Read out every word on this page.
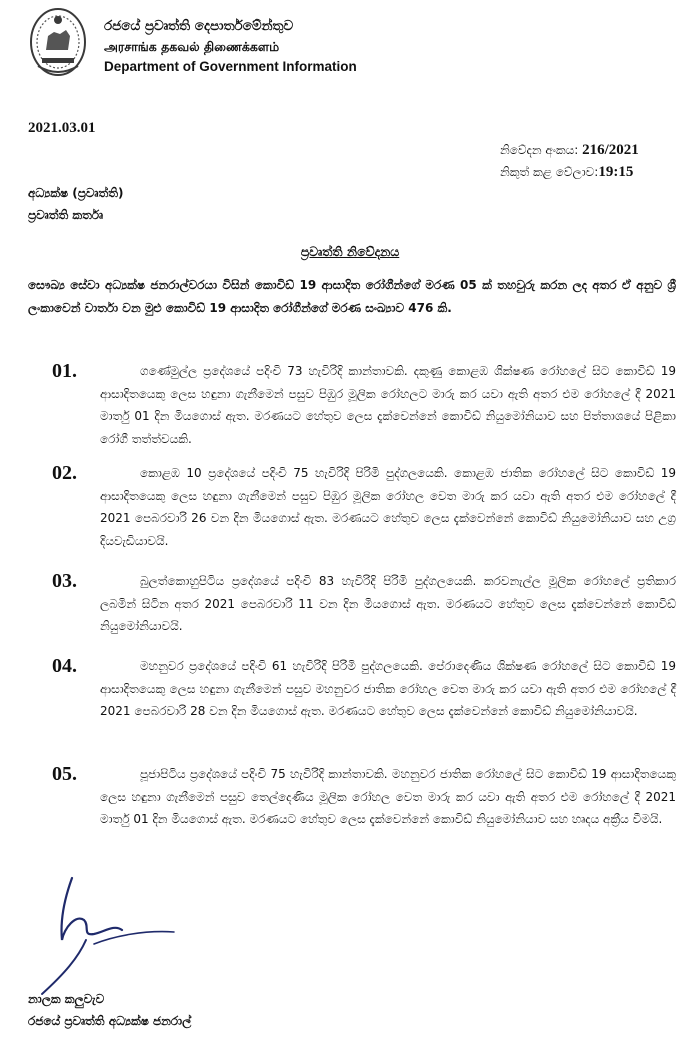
රජයේ ප්‍රවෘත්ති දෙපාර්තමේන්තුව
அரசாங்க தகவல் திணைக்களம்
Department of Government Information
2021.03.01
නිවේදන අංකය: 216/2021
නිකුත් කළ වේලාව:19:15
අධ්‍යක්ෂ (ප්‍රවෘත්ති)
ප්‍රවෘත්ති කර්තෘ
ප්‍රවෘත්ති නිවේදනය
සෞඛ්‍ය සේවා අධ්‍යක්ෂ ජනරාල්වරයා විසින් කොවිඩ් 19 ආසාදිත රෝගීන්ගේ මරණ 05 ක් තහවුරු කරන ලද අතර ඒ අනුව ශ්‍රී ලංකාවෙන් වාර්තා වන මුළු කොවිඩ් 19 ආසාදිත රෝගීන්ගේ මරණ සංඛ්‍යාව 476 කි.
01.	ගණේමුල්ල ප්‍රදේශයේ පදිංචි 73 හැවිරිදි කාන්තාවකි. දකුණු කොළඹ ශික්ෂණ රෝහලේ සිට කොවිඩ් 19 ආසාදිතයෙකු ලෙස හඳුනා ගැනීමෙන් පසුව පිඹුර මූලික රෝහලට මාරු කර යවා ඇති අතර එම රෝහලේ දී 2021 මාර්තු 01 දින මියගොස් ඇත. මරණයට හේතුව ලෙස දැක්වෙන්නේ කොවිඩ් නියුමෝනියාව සහ පිත්තාශයේ පිළිකා රෝගී තත්ත්වයකි.
02.	කොළඹ 10 ප්‍රදේශයේ පදිංචි 75 හැවිරිදි පිරිමි පුද්ගලයෙකි. කොළඹ ජාතික රෝහලේ සිට කොවිඩ් 19 ආසාදිතයෙකු ලෙස හඳුනා ගැනීමෙන් පසුව පිඹුර මූලික රෝහල වෙත මාරු කර යවා ඇති අතර එම රෝහලේ දී 2021 පෙබරවාරි 26 වන දින මියගොස් ඇත. මරණයට හේතුව ලෙස දැක්වෙන්නේ කොවිඩ් නියුමෝනියාව සහ උග්‍ර දියවැඩියාවයි.
03.	බුලත්කොහුපිටිය ප්‍රදේශයේ පදිංචි 83 හැවිරිදි පිරිමි පුද්ගලයෙකි. කරවනැල්ල මූලික රෝහලේ ප්‍රතිකාර ලබමින් සිටින අතර 2021 පෙබරවාරි 11 වන දින මියගොස් ඇත. මරණයට හේතුව ලෙස දැක්වෙන්නේ කොවිඩ් නියුමෝනියාවයි.
04.	මහනුවර ප්‍රදේශයේ පදිංචි 61 හැවිරිදි පිරිමි පුද්ගලයෙකි. පේරාදෙණිය ශික්ෂණ රෝහලේ සිට කොවිඩ් 19 ආසාදිතයෙකු ලෙස හඳුනා ගැනීමෙන් පසුව මහනුවර ජාතික රෝහල වෙත මාරු කර යවා ඇති අතර එම රෝහලේ දී 2021 පෙබරවාරි 28 වන දින මියගොස් ඇත. මරණයට හේතුව ලෙස දැක්වෙන්නේ කොවිඩ් නියුමෝනියාවයි.
05.	පූජාපිටිය ප්‍රදේශයේ පදිංචි 75 හැවිරිදි කාන්තාවකි. මහනුවර ජාතික රෝහලේ සිට කොවිඩ් 19 ආසාදිතයෙකු ලෙස හඳුනා ගැනීමෙන් පසුව තෙල්දෙණිය මූලික රෝහල වෙත මාරු කර යවා ඇති අතර එම රෝහලේ දී 2021 මාර්තු 01 දින මියගොස් ඇත. මරණයට හේතුව ලෙස දැක්වෙන්නේ කොවිඩ් නියුමෝනියාව සහ හෘදය අක්‍රීය වීමයි.
නාලක කලුවැව
රජයේ ප්‍රවෘත්ති අධ්‍යක්ෂ ජනරාල්
